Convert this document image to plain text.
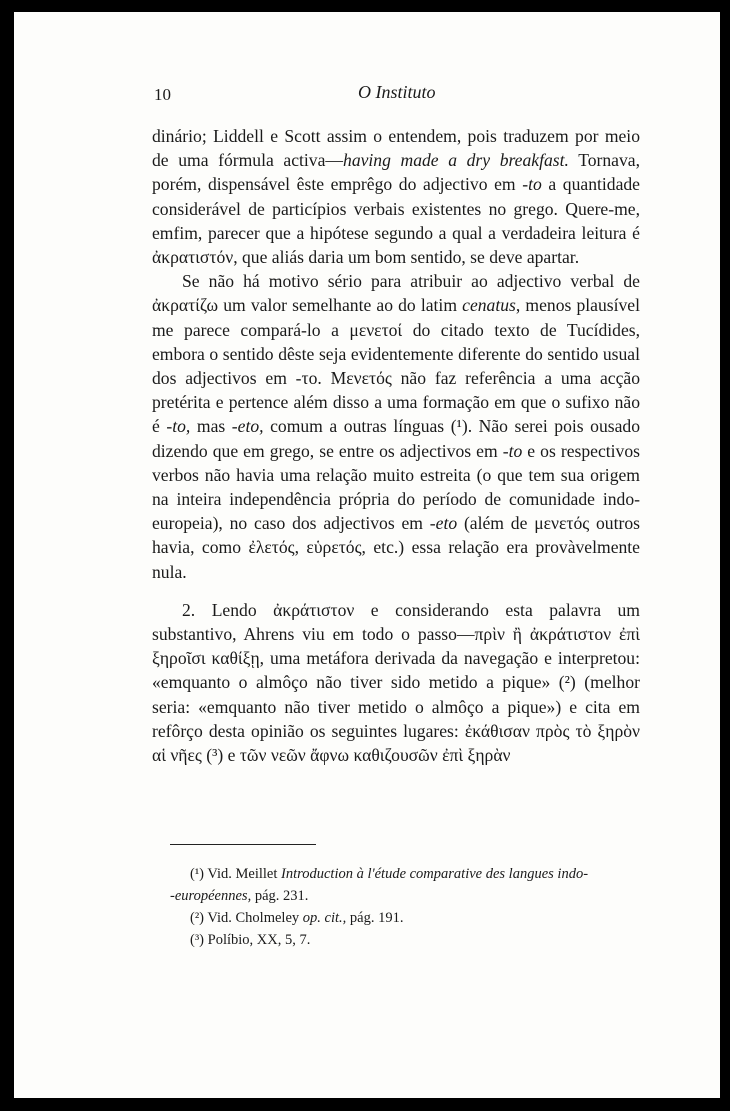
10	O Instituto

dinário; Liddell e Scott assim o entendem, pois traduzem por meio de uma fórmula activa—having made a dry breakfast. Tornava, porém, dispensável êste emprêgo do adjectivo em -to a quantidade considerável de particípios verbais existentes no grego. Quere-me, emfim, parecer que a hipótese segundo a qual a verdadeira leitura é ἀκρατιστόν, que aliás daria um bom sentido, se deve apartar.

Se não há motivo sério para atribuir ao adjectivo verbal de ἀκρατίζω um valor semelhante ao do latim cenatus, menos plausível me parece compará-lo a μενετοί do citado texto de Tucídides, embora o sentido dêste seja evidentemente diferente do sentido usual dos adjectivos em -το. Μενετός não faz referência a uma acção pretérita e pertence além disso a uma formação em que o sufixo não é -to, mas -eto, comum a outras línguas (¹). Não serei pois ousado dizendo que em grego, se entre os adjectivos em -to e os respectivos verbos não havia uma relação muito estreita (o que tem sua origem na inteira independência própria do período de comunidade indo-europeia), no caso dos adjectivos em -eto (além de μενετός outros havia, como ἐλετός, εὑρετός, etc.) essa relação era provàvelmente nula.

2. Lendo ἀκράτιστον e considerando esta palavra um substantivo, Ahrens viu em todo o passo—πρὶν ἢ ἀκράτιστον ἐπὶ ξηροῖσι καθίξῃ, uma metáfora derivada da navegação e interpretou: «emquanto o almôço não tiver sido metido a pique» (²) (melhor seria: «emquanto não tiver metido o almôço a pique») e cita em refôrço desta opinião os seguintes lugares: ἐκάθισαν πρὸς τὸ ξηρὸν αἱ νῆες (³) e τῶν νεῶν ἄφνω καθιζουσῶν ἐπὶ ξηρὰν

(¹) Vid. Meillet Introduction à l'étude comparative des langues indo-

-européennes, pág. 231.

(²) Vid. Cholmeley op. cit., pág. 191.

(³) Políbio, XX, 5, 7.
